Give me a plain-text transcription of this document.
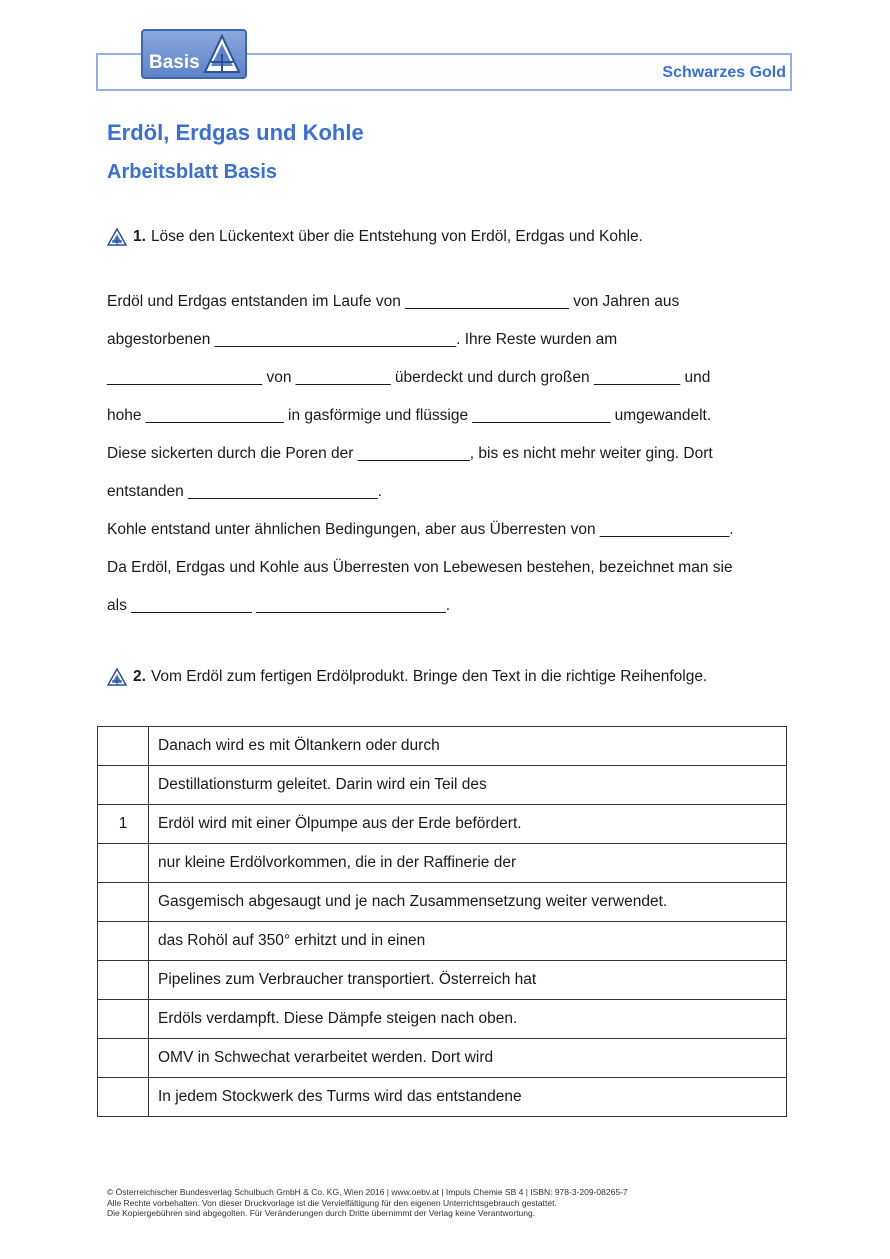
Basis	Schwarzes Gold
Erdöl, Erdgas und Kohle
Arbeitsblatt Basis
1. Löse den Lückentext über die Entstehung von Erdöl, Erdgas und Kohle.

Erdöl und Erdgas entstanden im Laufe von ___________________ von Jahren aus

abgestorbenen ____________________________. Ihre Reste wurden am

__________________ von ___________ überdeckt und durch großen __________ und

hohe ________________ in gasförmige und flüssige ________________ umgewandelt.

Diese sickerten durch die Poren der _____________, bis es nicht mehr weiter ging. Dort

entstanden ______________________.

Kohle entstand unter ähnlichen Bedingungen, aber aus Überresten von _______________.

Da Erdöl, Erdgas und Kohle aus Überresten von Lebewesen bestehen, bezeichnet man sie

als ______________ ______________________.

2. Vom Erdöl zum fertigen Erdölprodukt. Bringe den Text in die richtige Reihenfolge.
	Danach wird es mit Öltankern oder durch
	Destillationsturm geleitet. Darin wird ein Teil des
1	Erdöl wird mit einer Ölpumpe aus der Erde befördert.
	nur kleine Erdölvorkommen, die in der Raffinerie der
	Gasgemisch abgesaugt und je nach Zusammensetzung weiter verwendet.
	das Rohöl auf 350° erhitzt und in einen
	Pipelines zum Verbraucher transportiert. Österreich hat
	Erdöls verdampft. Diese Dämpfe steigen nach oben.
	OMV in Schwechat verarbeitet werden. Dort wird
	In jedem Stockwerk des Turms wird das entstandene

© Österreichischer Bundesverlag Schulbuch GmbH & Co. KG, Wien 2016 | www.oebv.at | Impuls Chemie SB 4 | ISBN: 978-3-209-08265-7

Alle Rechte vorbehalten. Von dieser Druckvorlage ist die Vervielfältigung für den eigenen Unterrichtsgebrauch gestattet.

Die Kopiergebühren sind abgegolten. Für Veränderungen durch Dritte übernimmt der Verlag keine Verantwortung.
